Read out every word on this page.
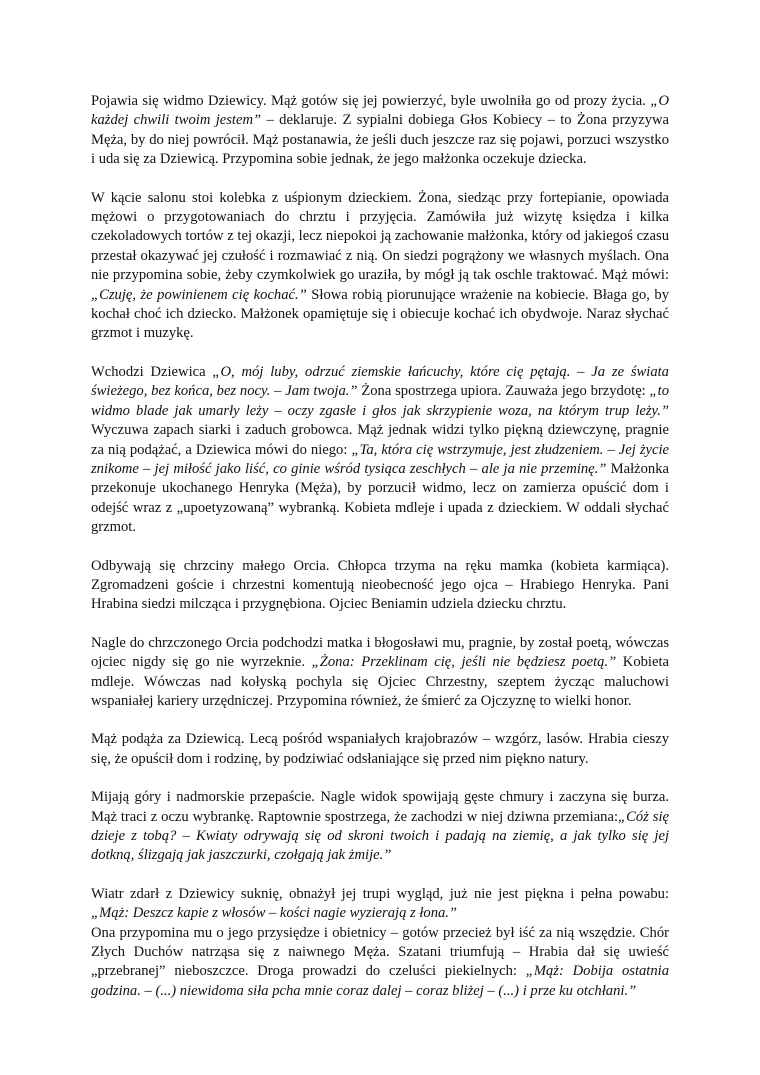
Pojawia się widmo Dziewicy. Mąż gotów się jej powierzyć, byle uwolniła go od prozy życia. „O każdej chwili twoim jestem” – deklaruje. Z sypialni dobiega Głos Kobiecy – to Żona przyzywa Męża, by do niej powrócił. Mąż postanawia, że jeśli duch jeszcze raz się pojawi, porzuci wszystko i uda się za Dziewicą. Przypomina sobie jednak, że jego małżonka oczekuje dziecka.

W kącie salonu stoi kolebka z uśpionym dzieckiem. Żona, siedząc przy fortepianie, opowiada mężowi o przygotowaniach do chrztu i przyjęcia. Zamówiła już wizytę księdza i kilka czekoladowych tortów z tej okazji, lecz niepokoi ją zachowanie małżonka, który od jakiegoś czasu przestał okazywać jej czułość i rozmawiać z nią. On siedzi pogrążony we własnych myślach. Ona nie przypomina sobie, żeby czymkolwiek go uraziła, by mógł ją tak oschle traktować. Mąż mówi: „Czuję, że powinienem cię kochać.” Słowa robią piorunujące wrażenie na kobiecie. Błaga go, by kochał choć ich dziecko. Małżonek opamiętuje się i obiecuje kochać ich obydwoje. Naraz słychać grzmot i muzykę.

Wchodzi Dziewica „O, mój luby, odrzuć ziemskie łańcuchy, które cię pętają. – Ja ze świata świeżego, bez końca, bez nocy. – Jam twoja.” Żona spostrzega upiora. Zauważa jego brzydotę: „to widmo blade jak umarły leży – oczy zgasłe i głos jak skrzypienie woza, na którym trup leży.” Wyczuwa zapach siarki i zaduch grobowca. Mąż jednak widzi tylko piękną dziewczynę, pragnie za nią podążać, a Dziewica mówi do niego: „Ta, która cię wstrzymuje, jest złudzeniem. – Jej życie znikome – jej miłość jako liść, co ginie wśród tysiąca zeschłych – ale ja nie przeminę.” Małżonka przekonuje ukochanego Henryka (Męża), by porzucił widmo, lecz on zamierza opuścić dom i odejść wraz z „upoetyzowaną” wybranką. Kobieta mdleje i upada z dzieckiem. W oddali słychać grzmot.

Odbywają się chrzciny małego Orcia. Chłopca trzyma na ręku mamka (kobieta karmiąca). Zgromadzeni goście i chrzestni komentują nieobecność jego ojca – Hrabiego Henryka. Pani Hrabina siedzi milcząca i przygnębiona. Ojciec Beniamin udziela dziecku chrztu.

Nagle do chrzczonego Orcia podchodzi matka i błogosławi mu, pragnie, by został poetą, wówczas ojciec nigdy się go nie wyrzeknie. „Żona: Przeklinam cię, jeśli nie będziesz poetą.” Kobieta mdleje. Wówczas nad kołyską pochyla się Ojciec Chrzestny, szeptem życząc maluchowi wspaniałej kariery urzędniczej. Przypomina również, że śmierć za Ojczyznę to wielki honor.

Mąż podąża za Dziewicą. Lecą pośród wspaniałych krajobrazów – wzgórz, lasów. Hrabia cieszy się, że opuścił dom i rodzinę, by podziwiać odsłaniające się przed nim piękno natury.

Mijają góry i nadmorskie przepaście. Nagle widok spowijają gęste chmury i zaczyna się burza. Mąż traci z oczu wybrankę. Raptownie spostrzega, że zachodzi w niej dziwna przemiana:„Cóż się dzieje z tobą? – Kwiaty odrywają się od skroni twoich i padają na ziemię, a jak tylko się jej dotkną, ślizgają jak jaszczurki, czołgają jak żmije.”

Wiatr zdarł z Dziewicy suknię, obnażył jej trupi wygląd, już nie jest piękna i pełna powabu: „Mąż: Deszcz kapie z włosów – kości nagie wyzierają z łona.”

Ona przypomina mu o jego przysiędze i obietnicy – gotów przecież był iść za nią wszędzie. Chór Złych Duchów natrząsa się z naiwnego Męża. Szatani triumfują – Hrabia dał się uwieść „przebranej” nieboszczce. Droga prowadzi do czeluści piekielnych: „Mąż: Dobija ostatnia godzina. – (...) niewidoma siła pcha mnie coraz dalej – coraz bliżej – (...) i prze ku otchłani.”
